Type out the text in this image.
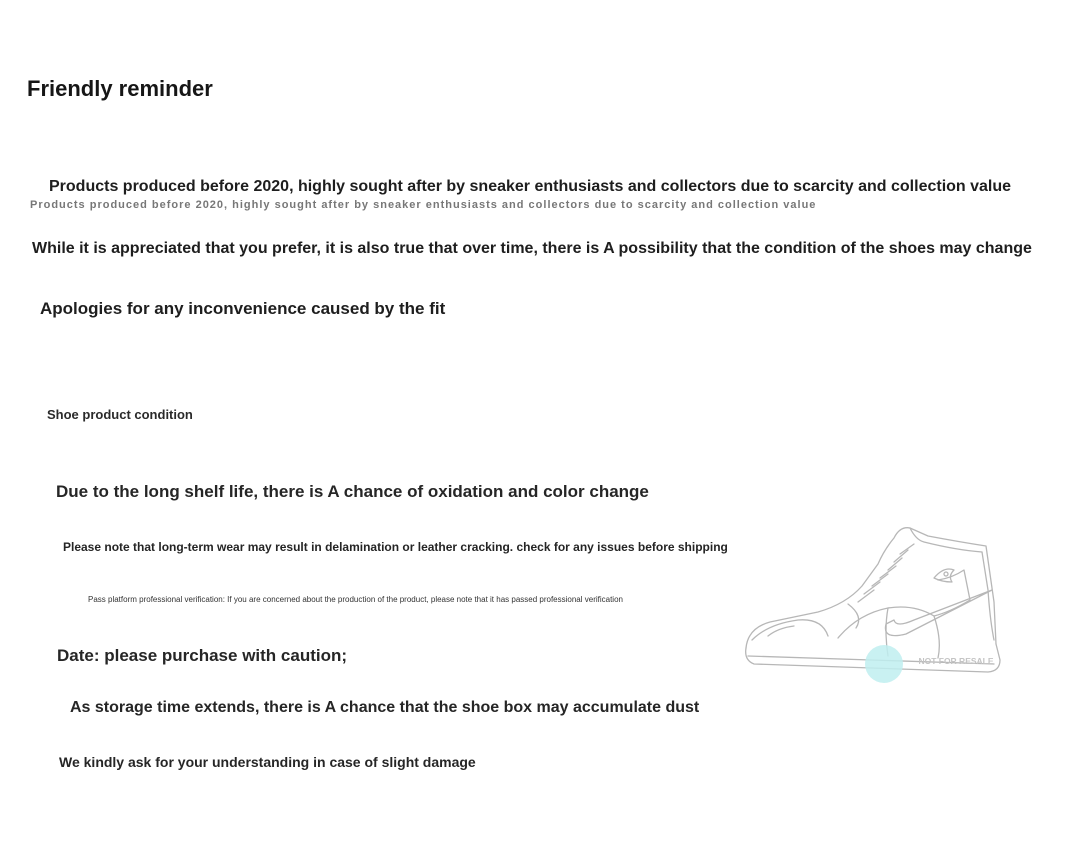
Friendly reminder

Products produced before 2020, highly sought after by sneaker enthusiasts and collectors due to scarcity and collection value

Products produced before 2020, highly sought after by sneaker enthusiasts and collectors due to scarcity and collection value

While it is appreciated that you prefer, it is also true that over time, there is A possibility that the condition of the shoes may change

Apologies for any inconvenience caused by the fit

Shoe product condition

Due to the long shelf life, there is A chance of oxidation and color change

Please note that long-term wear may result in delamination or leather cracking. check for any issues before shipping

Pass platform professional verification: If you are concerned about the production of the product, please note that it has passed professional verification

Date: please purchase with caution;

As storage time extends, there is A chance that the shoe box may accumulate dust

We kindly ask for your understanding in case of slight damage

NOT FOR RESALE
